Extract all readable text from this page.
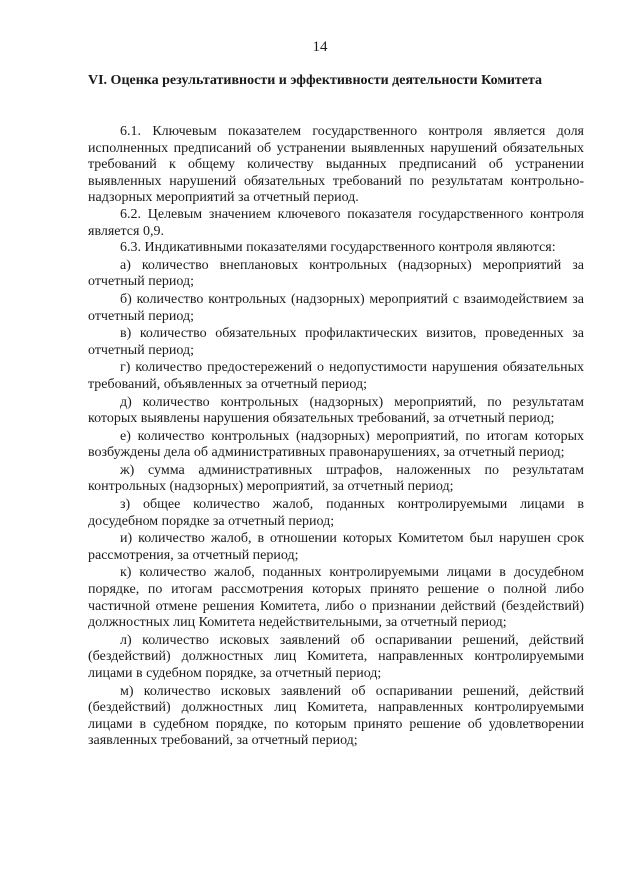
14
VI. Оценка результативности и эффективности деятельности Комитета

6.1. Ключевым показателем государственного контроля является доля исполненных предписаний об устранении выявленных нарушений обязательных требований к общему количеству выданных предписаний об устранении выявленных нарушений обязательных требований по результатам контрольно-надзорных мероприятий за отчетный период.

6.2. Целевым значением ключевого показателя государственного контроля является 0,9.

6.3. Индикативными показателями государственного контроля являются:

а) количество внеплановых контрольных (надзорных) мероприятий за отчетный период;

б) количество контрольных (надзорных) мероприятий с взаимодействием за отчетный период;

в) количество обязательных профилактических визитов, проведенных за отчетный период;

г) количество предостережений о недопустимости нарушения обязательных требований, объявленных за отчетный период;

д) количество контрольных (надзорных) мероприятий, по результатам которых выявлены нарушения обязательных требований, за отчетный период;

е) количество контрольных (надзорных) мероприятий, по итогам которых возбуждены дела об административных правонарушениях, за отчетный период;

ж) сумма административных штрафов, наложенных по результатам контрольных (надзорных) мероприятий, за отчетный период;

з) общее количество жалоб, поданных контролируемыми лицами в досудебном порядке за отчетный период;

и) количество жалоб, в отношении которых Комитетом был нарушен срок рассмотрения, за отчетный период;

к) количество жалоб, поданных контролируемыми лицами в досудебном порядке, по итогам рассмотрения которых принято решение о полной либо частичной отмене решения Комитета, либо о признании действий (бездействий) должностных лиц Комитета недействительными, за отчетный период;

л) количество исковых заявлений об оспаривании решений, действий (бездействий) должностных лиц Комитета, направленных контролируемыми лицами в судебном порядке, за отчетный период;

м) количество исковых заявлений об оспаривании решений, действий (бездействий) должностных лиц Комитета, направленных контролируемыми лицами в судебном порядке, по которым принято решение об удовлетворении заявленных требований, за отчетный период;
